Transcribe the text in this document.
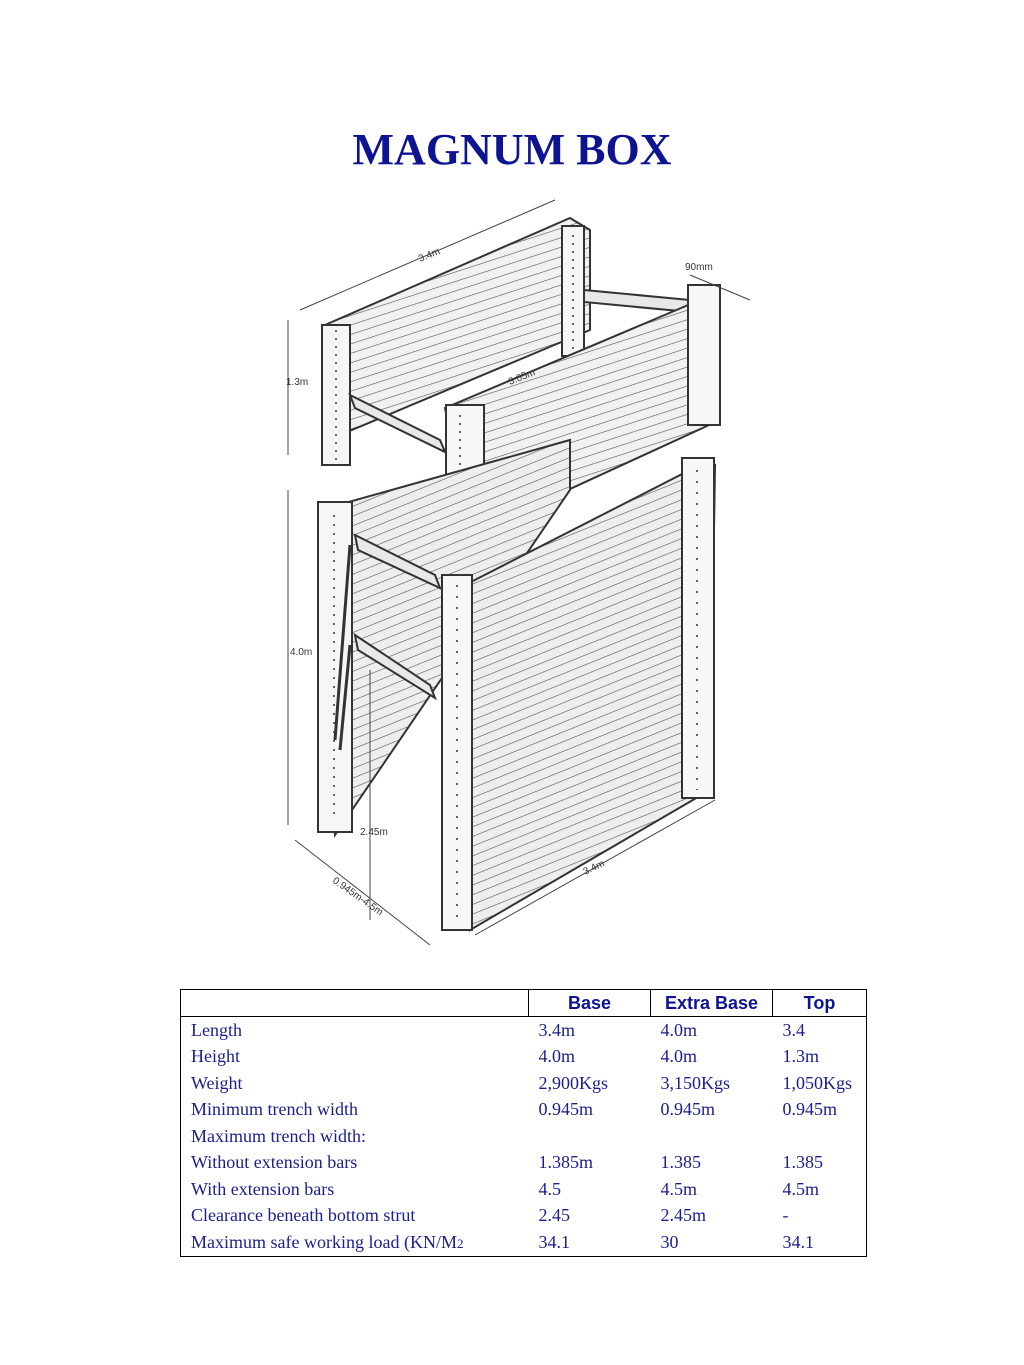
MAGNUM BOX
3.4m
90mm
1.3m	3.05m
4.0m
2.45m
0.945m-4.5m
3.4m
	Base	Extra Base	Top
Length	3.4m	4.0m	3.4
Height	4.0m	4.0m	1.3m
Weight	2,900Kgs	3,150Kgs	1,050Kgs
Minimum trench width	0.945m	0.945m	0.945m
Maximum trench width:			
Without extension bars	1.385m	1.385	1.385
With extension bars	4.5	4.5m	4.5m
Clearance beneath bottom strut	2.45	2.45m	-
Maximum safe working load (KN/M2	34.1	30	34.1
